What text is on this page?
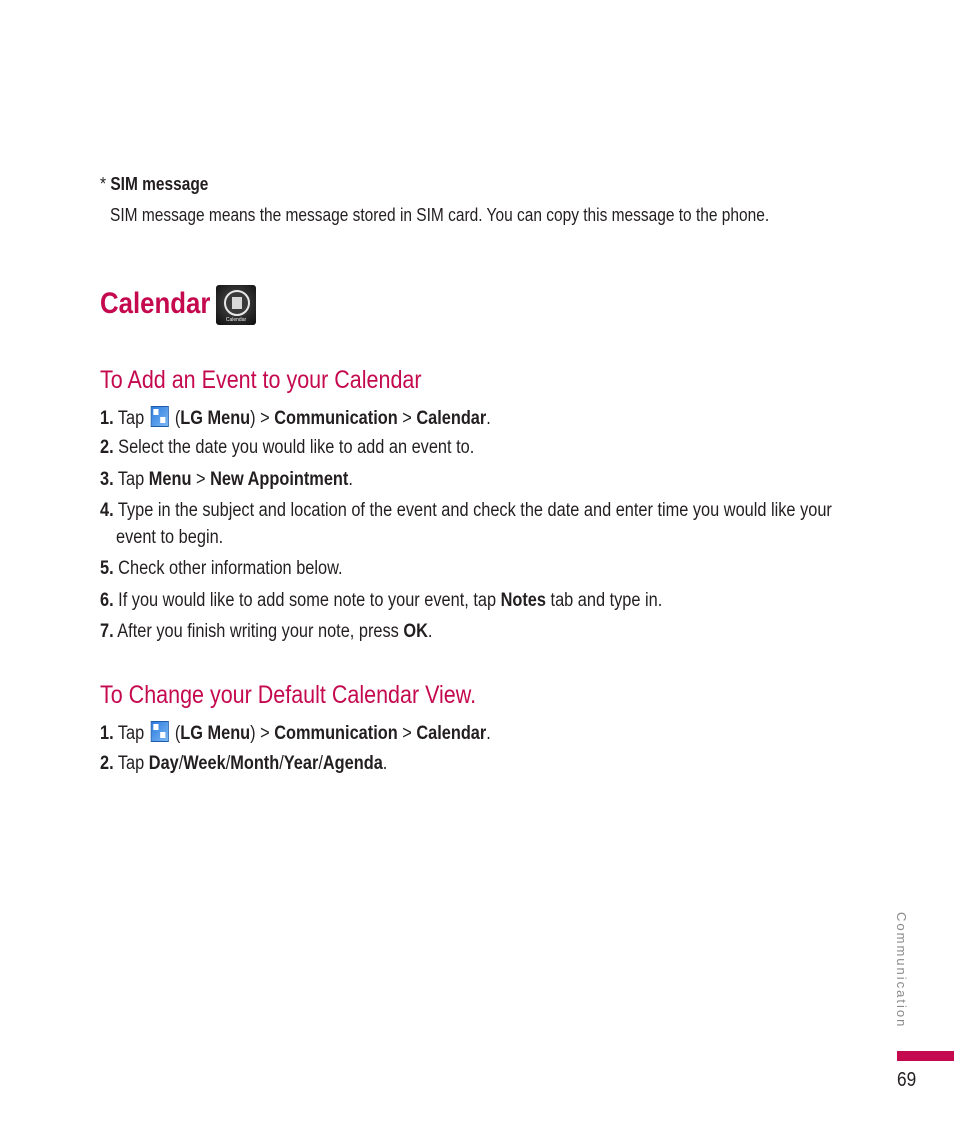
* SIM message
SIM message means the message stored in SIM card. You can copy this message to the phone.
Calendar	Calendar
To Add an Event to your Calendar
1. Tap
(LG Menu) > Communication > Calendar.
2. Select the date you would like to add an event to.
3. Tap Menu > New Appointment.
4. Type in the subject and location of the event and check the date and enter time you would like your
event to begin.
5. Check other information below.
6. If you would like to add some note to your event, tap Notes tab and type in.
7. After you finish writing your note, press OK.
To Change your Default Calendar View.
1. Tap
(LG Menu) > Communication > Calendar.
2. Tap Day/Week/Month/Year/Agenda.
Communication
69
